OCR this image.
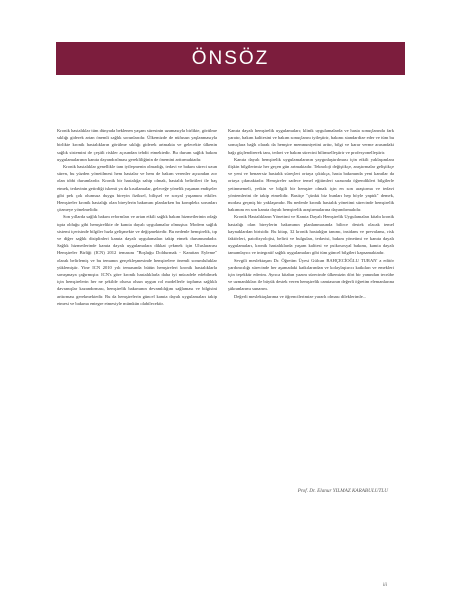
ÖNSÖZ

Kronik hastalıklar tüm dünyada beklenen yaşam süresinin uzamasıyla birlikte, görülme sıklığı giderek artan önemli sağlık sorunlarıdır. Ülkemizde de nüfusun yaşlanmasıyla birlikte kronik hastalıkların görülme sıklığı giderek artmakta ve gelecekte ülkenin sağlık sistemini de çeşitli riskler açısından tehdit etmektedir. Bu durum sağlık bakım uygulamalarının kanıta dayandırılması gerekliliğinin de önemini arttırmaktadır.

Kronik hastalıklar genellikle tam iyileşmenin olmadığı, tedavi ve bakım süreci uzun süren, bu yüzden yönetilmesi hem hastalar ve hem de bakım verenler açısından zor olan tıbbi durumlardır. Kronik bir hastalığa sahip olmak, hastalık belirtileri ile baş etmek, tedavinin getirdiği iskenti ya da kısıtlamalar, geleceğe yönelik yaşanan endişeler gibi pek çok olumsuz duygu bireyin fiziksel, bilişsel ve sosyal yaşamını etkiler. Hemşireler kronik hastalığı olan bireylerin bakımını planlarken bu kompleks sorunları çözmeye yönelmelidir.

Son yıllarda sağlık bakım reformları ve artan etkili sağlık bakım hizmetlerinin odağı tıpta olduğu gibi hemşirelikte de kanıta dayalı uygulamalar olmuştur. Modern sağlık sistemi içerisinde bilgiler hızla gelişmekte ve değişmektedir. Bu nedenle hemşirelik, tıp ve diğer sağlık disiplinleri kanıta dayalı uygulamaları takip etmek durumundadır. Sağlık hizmetlerinde kanıta dayalı uygulamalara dikkat çekmek için Uluslararası Hemşireler Birliği (ICN) 2012 temasını "Boşluğu Doldurmak - Kanıttan Eyleme" olarak belirlemiş ve bu temanın gerçekleşmesinde hemşirelere önemli sorumluluklar yüklemiştir. Yine ICN 2010 yılı temasında bütün hemşireleri kronik hastalıklarla savaşmaya çağırmıştır. ICN's göre kronik hastalıklarla daha iyi mücadele edebilmek için hemşirelerin her ne şekilde olursa olsun uygun rol modellerle topluma sağlıklı davranışlar kazandırması, hemşirelik bakımının devamlılığını sağlaması ve bilgisini arttırması gerekmektedir. Bu da hemşirelerin güncel kanıta dayalı uygulamaları takip etmesi ve bakıma entegre etmesiyle mümkün olabilecektir.

Kanıta dayalı hemşirelik uygulamaları; klinik uygulamalarda ve hasta sonuçlarında fark yaratır, bakım kalitesini ve bakım sonuçlarını iyileştirir, bakımı standardize eder ve tüm bu sonuçlara bağlı olarak da hemşire memnuniyetini arttır, bilgi ve karar verme arasındaki bağı güçlendirerek tanı, tedavi ve bakım sürecini bilimselleştirir ve profesyonelleştirir.

Kanıta dayalı hemşirelik uygulamalarının yaygınlaştırılması için etkili yaklaşımlara ilişkin bilgilerimiz her geçen gün artmaktadır. Teknoloji değiştikçe, araştırmalar geliştikçe ve yeni ve benzersiz hastalık süreçleri ortaya çıktıkça, hasta bakımında yeni kanıtlar da ortaya çıkmaktadır. Hemşireler sadece temel eğitimleri sırasında öğrendikleri bilgilerle yetinmemeli, yetkin ve bilgili bir hemşire olmak için en son araştırma ve tedavi yöntemlerini de takip etmelidir. Basitçe "çünkü biz bunları hep böyle yaptık" demek, modası geçmiş bir yaklaşımdır. Bu nedenle kronik hastalık yönetimi sürecinde hemşirelik bakımını en son kanıta dayalı hemşirelik araştırmalarına dayandırmalıdır.

Kronik Hastalıkların Yönetimi ve Kanıta Dayalı Hemşirelik Uygulamaları kitabı kronik hastalığı olan bireylerin bakımının planlanmasında bilirce destek olacak temel kaynaklardan birisidir. Bu kitap, 32 kronik hastalığın tanımı, insidans ve prevalansı, risk faktörleri, patofizyolojisi, belirti ve bulguları, tedavisi, bakım yönetimi ve kanıta dayalı uygulamaları, kronik hastalıklarda yaşam kalitesi ve psikososyal bakımı, kanıta dayalı tamamlayıcı ve integratif sağlık uygulamaları gibi tüm güncel bilgileri kapsamaktadır.

Sevgili meslektaşım Dr. Öğretim Üyesi Gülcan BAHÇECİOĞLU TURAN' a editör yardımcılığı sürecinde her aşamadaki katkılarından ve kolaylaştırıcı katkıları ve emekleri için teşekkür ederim. Ayrıca kitabın yazım sürecinde ülkemizin dört bir yanından tecrübe ve uzmanlıkları ile büyük destek veren hemşirelik camiasının değerli öğretim elemanlarına şükranlarımı sunarım.

Değerli meslektaşlarıma ve öğrencilerimize yararlı olması dileklerimle...

Prof. Dr. Elanur YILMAZ KARABULUTLU
iii
